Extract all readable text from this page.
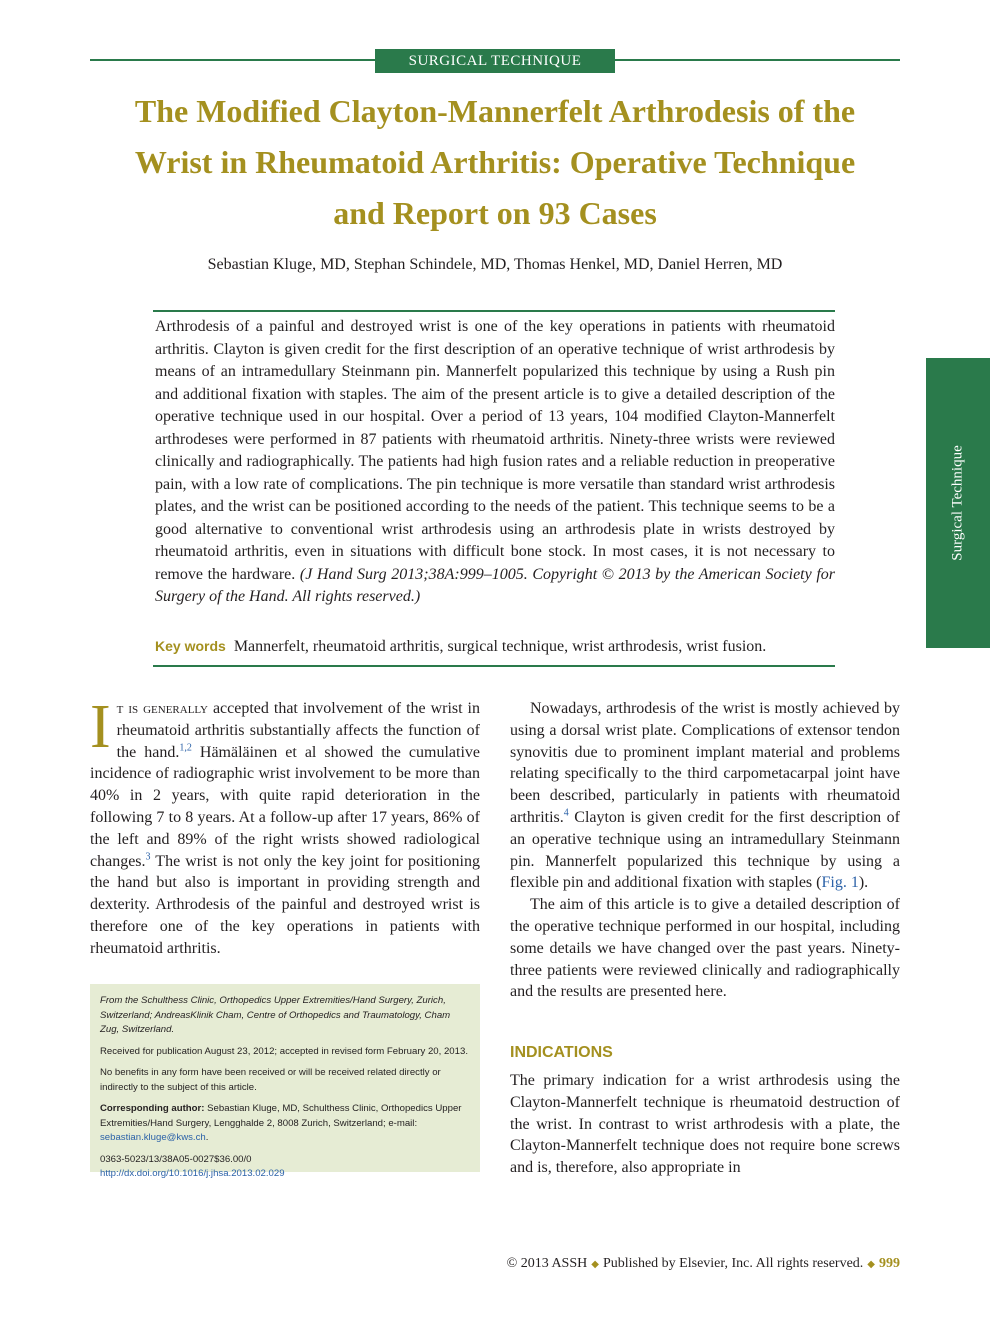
SURGICAL TECHNIQUE
The Modified Clayton-Mannerfelt Arthrodesis of the
Wrist in Rheumatoid Arthritis: Operative Technique
and Report on 93 Cases
Sebastian Kluge, MD, Stephan Schindele, MD, Thomas Henkel, MD, Daniel Herren, MD
Arthrodesis of a painful and destroyed wrist is one of the key operations in patients with rheumatoid arthritis. Clayton is given credit for the first description of an operative technique of wrist arthrodesis by means of an intramedullary Steinmann pin. Mannerfelt popularized this technique by using a Rush pin and additional fixation with staples. The aim of the present article is to give a detailed description of the operative technique used in our hospital. Over a period of 13 years, 104 modified Clayton-Mannerfelt arthrodeses were performed in 87 patients with rheumatoid arthritis. Ninety-three wrists were reviewed clinically and radiographically. The patients had high fusion rates and a reliable reduction in preoperative pain, with a low rate of complications. The pin technique is more versatile than standard wrist arthrodesis plates, and the wrist can be positioned according to the needs of the patient. This technique seems to be a good alternative to conventional wrist arthrodesis using an arthrodesis plate in wrists destroyed by rheumatoid arthritis, even in situations with difficult bone stock. In most cases, it is not necessary to remove the hardware. (J Hand Surg 2013;38A:999–1005. Copyright © 2013 by the American Society for Surgery of the Hand. All rights reserved.)
Key words Mannerfelt, rheumatoid arthritis, surgical technique, wrist arthrodesis, wrist fusion.
Surgical Technique

It is generally accepted that involvement of the wrist in rheumatoid arthritis substantially affects the function of the hand.$^{1,2}$ Hämäläinen et al showed the cumulative incidence of radiographic wrist involvement to be more than 40% in 2 years, with quite rapid deterioration in the following 7 to 8 years. At a follow-up after 17 years, 86% of the left and 89% of the right wrists showed radiological changes.$^3$ The wrist is not only the key joint for positioning the hand but also is important in providing strength and dexterity. Arthrodesis of the painful and destroyed wrist is therefore one of the key operations in patients with rheumatoid arthritis.

From the Schulthess Clinic, Orthopedics Upper Extremities/Hand Surgery, Zurich, Switzerland; AndreasKlinik Cham, Centre of Orthopedics and Traumatology, Cham Zug, Switzerland.

Received for publication August 23, 2012; accepted in revised form February 20, 2013.

No benefits in any form have been received or will be received related directly or indirectly to the subject of this article.

Corresponding author: Sebastian Kluge, MD, Schulthess Clinic, Orthopedics Upper Extremities/Hand Surgery, Lengghalde 2, 8008 Zurich, Switzerland; e-mail: sebastian.kluge@kws.ch.

0363-5023/13/38A05-0027$36.00/0
http://dx.doi.org/10.1016/j.jhsa.2013.02.029

Nowadays, arthrodesis of the wrist is mostly achieved by using a dorsal wrist plate. Complications of extensor tendon synovitis due to prominent implant material and problems relating specifically to the third carpometacarpal joint have been described, particularly in patients with rheumatoid arthritis.$^4$ Clayton is given credit for the first description of an operative technique using an intramedullary Steinmann pin. Mannerfelt popularized this technique by using a flexible pin and additional fixation with staples (Fig. 1).

The aim of this article is to give a detailed description of the operative technique performed in our hospital, including some details we have changed over the past years. Ninety-three patients were reviewed clinically and radiographically and the results are presented here.

INDICATIONS
The primary indication for a wrist arthrodesis using the Clayton-Mannerfelt technique is rheumatoid destruction of the wrist. In contrast to wrist arthrodesis with a plate, the Clayton-Mannerfelt technique does not require bone screws and is, therefore, also appropriate in
© 2013 ASSH ◆ Published by Elsevier, Inc. All rights reserved. ◆ 999
